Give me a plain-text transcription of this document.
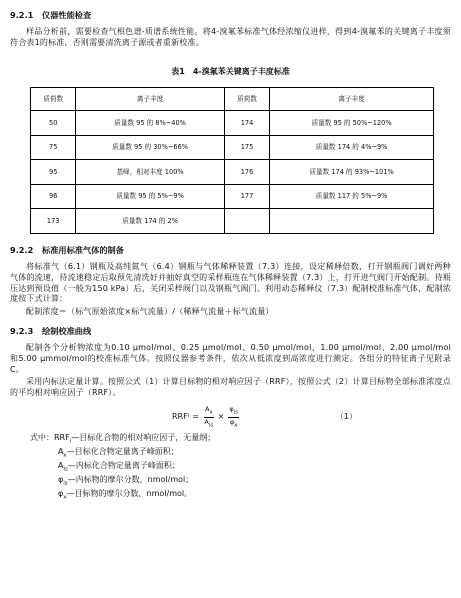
9.2.1 仪器性能检查

样品分析前，需要检查气相色谱-质谱系统性能。将4-溴氟苯标准气体经浓缩仪进样，得到4-溴氟苯的关键离子丰度须符合表1的标准，否则需要清洗离子源或者重新校准。

表1　4-溴氟苯关键离子丰度标准
质荷数	离子丰度	质荷数	离子丰度
50	质量数 95 的 8%~40%	174	质量数 95 的 50%~120%
75	质量数 95 的 30%~66%	175	质量数 174 的 4%~9%
95	基峰，相对丰度 100%	176	质量数 174 的 93%~101%
96	质量数 95 的 5%~9%	177	质量数 117 的 5%~9%
173	质量数 174 的 2%		
9.2.2 标准用标准气体的制备

将标准气（6.1）钢瓶及高纯氮气（6.4）钢瓶与气体稀释装置（7.3）连接，设定稀释倍数，打开钢瓶阀门调好两种气体的流速，待流速稳定后取预先清洗好并抽好真空的采样瓶连在气体稀释装置（7.3）上，打开进气阀门开始配制。待瓶压达到预设值（一般为150 kPa）后，关闭采样阀门以及钢瓶气阀门。利用动态稀释仪（7.3）配制校准标准气体，配制浓度按下式计算：

配制浓度＝（标气原始浓度×标气流量）/（稀释气流量＋标气流量）

9.2.3 绘制校准曲线

配制各个分析物浓度为0.10 μmol/mol、0.25 μmol/mol、0.50 μmol/mol、1.00 μmol/mol、2.00 μmol/mol和5.00 μmmol/mol的校准标准气体。按照仪器参考条件，依次从低浓度到高浓度进行测定。各组分的特征离子见附录C。

采用内标法定量计算。按照公式（1）计算目标物的相对响应因子（RRF），按照公式（2）计算目标物全部标准浓度点的平均相对响应因子（RRF）。

RRF $i = \frac{A_x}{A_{is}} \times \frac{\varphi_{is}}{\varphi_x}$	（1）
式中：$RRF_i—$目标化合物的相对响应因子，无量纲；
$A_x—$目标化合物定量离子峰面积；
$A_{is}—$内标化合物定量离子峰面积；
$\varphi_{is}—$内标物的摩尔分数，nmol/mol；
$\varphi_x—$目标物的摩尔分数，nmol/mol。
